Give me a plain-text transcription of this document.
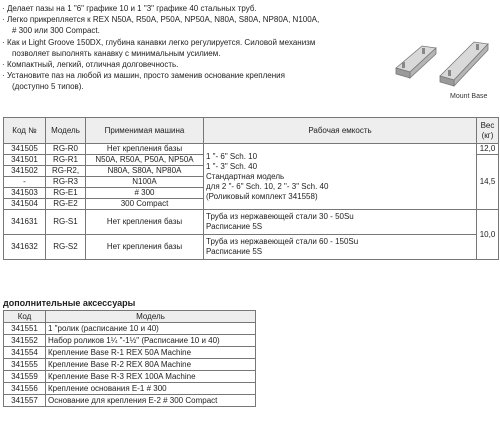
· Делает пазы на 1 "6" графике 10 и 1 "3" графике 40 стальных труб.
· Легко прикрепляется к REX N50A, R50A, P50A, NP50A, N80A, S80A, NP80A, N100A,
# 300 или 300 Compact.
· Как и Light Groove 150DX, глубина канавки легко регулируется. Силовой механизм
позволяет выполнять канавку с минимальным усилием.
· Компактный, легкий, отличная долговечность.
· Установите паз на любой из машин, просто заменив основание крепления
(доступно 5 типов).
Mount Base
Код №	Модель	Применимая машина	Рабочая емкость	Вес (кг)
341505	RG-R0	Нет крепления базы	1 "- 6" Sch. 10
1 "- 3" Sch. 40
Стандартная модель
для 2 "- 6" Sch. 10, 2 "- 3" Sch. 40
(Роликовый комплект 341558)	12,0
341501	RG-R1	N50A, R50A, P50A, NP50A		14,5
341502	RG-R2,	N80A, S80A, NP80A		
-	RG-R3	N100A		
341503	RG-E1	# 300		
341504	RG-E2	300 Compact		
341631	RG-S1	Нет крепления базы	Труба из нержавеющей стали 30 - 50Su
Расписание 5S	10,0
341632	RG-S2	Нет крепления базы	Труба из нержавеющей стали 60 - 150Su
Расписание 5S	
дополнительные аксессуары
Код	Модель
341551	1 "ролик (расписание 10 и 40)
341552	Набор роликов 1¼ "-1½" (Расписание 10 и 40)
341554	Крепление Base R-1 REX 50A Machine
341555	Крепление Base R-2 REX 80A Machine
341559	Крепление Base R-3 REX 100A Machine
341556	Крепление основания E-1 # 300
341557	Основание для крепления E-2 # 300 Compact
